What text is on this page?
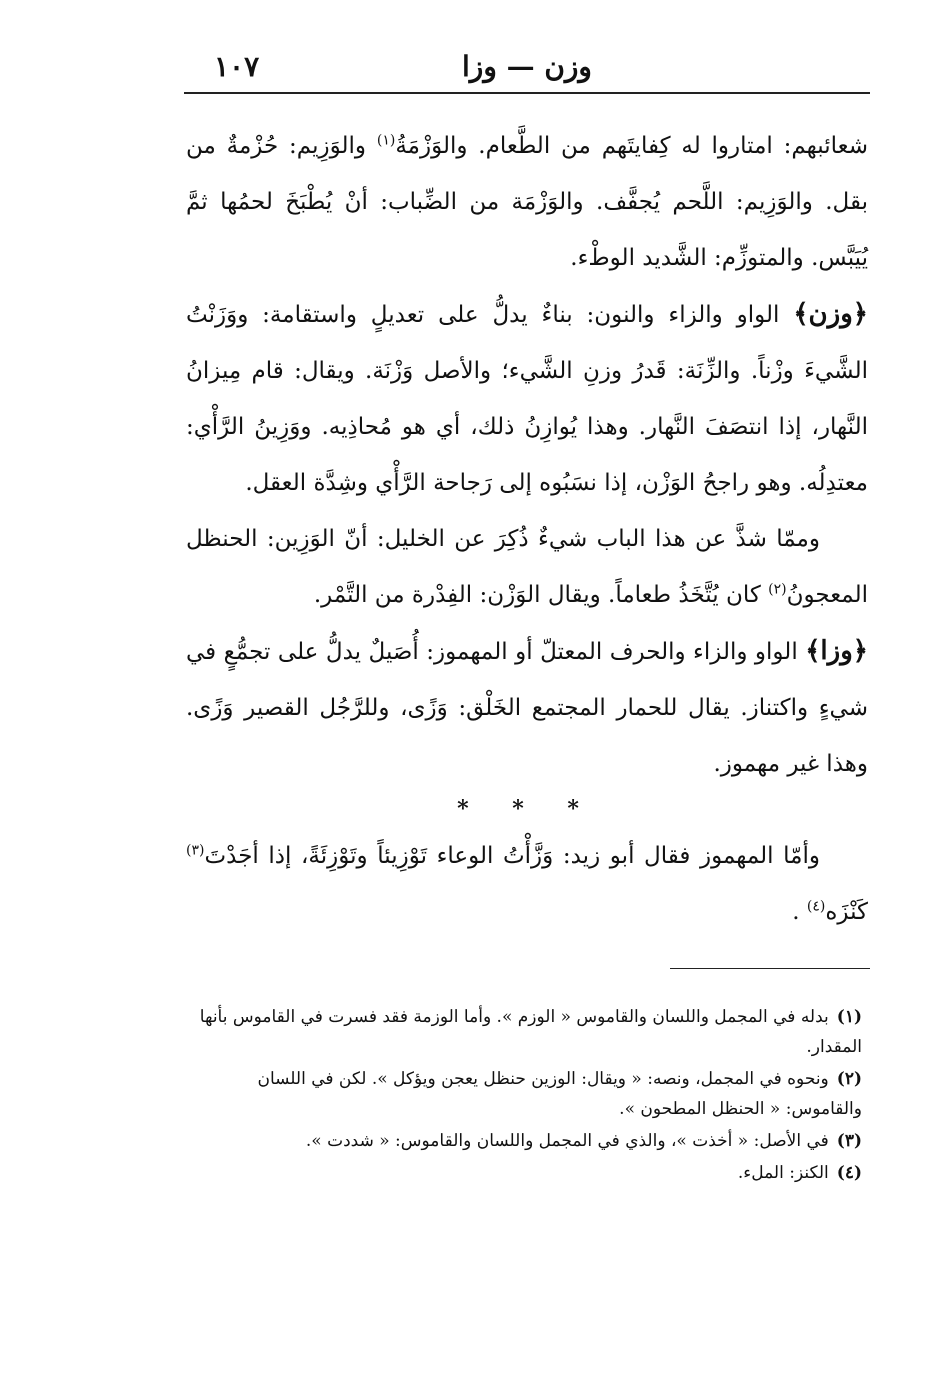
وزن — وزا
١٠٧

شعائبهم: امتاروا له كِفايتَهم من الطَّعام. والوَزْمَةُ$^{(١)}$ والوَزِيم: حُزْمةٌ من بقل. والوَزِيم: اللَّحم يُجفَّف. والوَزْمَة من الضِّباب: أنْ يُطْبَخَ لحمُها ثمَّ يُيَبَّس. والمتوزِّم: الشَّديد الوطْء.

﴿وزن﴾ الواو والزاء والنون: بناءٌ يدلُّ على تعديلٍ واستقامة: ووَزَنْتُ الشَّيءَ وزْناً. والزِّنَة: قَدرُ وزنِ الشَّيء؛ والأصل وَزْنَة. ويقال: قام مِيزانُ النَّهار، إذا انتصَفَ النَّهار. وهذا يُوازِنُ ذلك، أي هو مُحاذِيه. ووَزِينُ الرَّأْي: معتدِلُه. وهو راجحُ الوَزْن، إذا نسَبُوه إلى رَجاحة الرَّأْي وشِدَّة العقل.

وممّا شذَّ عن هذا الباب شيءٌ ذُكِرَ عن الخليل: أنّ الوَزِين: الحنظل المعجونُ$^{(٢)}$ كان يُتَّخَذُ طعاماً. ويقال الوَزْن: الفِدْرة من التَّمْر.

﴿وزا﴾ الواو والزاء والحرف المعتلّ أو المهموز: أُصَيلٌ يدلُّ على تجمُّعٍ في شيءٍ واكتناز. يقال للحمار المجتمع الخَلْق: وَزًى، وللرَّجُل القصير وَزًى. وهذا غير مهموز.

* * *

وأمّا المهموز فقال أبو زيد: وَزَّأْتُ الوعاء تَوْزِيئاً وتَوْزِئَةً، إذا أجَدْتَ$^{(٣)}$ كَنْزَه$^{(٤)}$ .

(١)بدله في المجمل واللسان والقاموس « الوزم ». وأما الوزمة فقد فسرت في القاموس بأنها المقدار.

(٢)ونحوه في المجمل، ونصه: « ويقال: الوزين حنظل يعجن ويؤكل ». لكن في اللسان والقاموس: « الحنظل المطحون ».

(٣)في الأصل: « أخذت »، والذي في المجمل واللسان والقاموس: « شددت ».

(٤)الكنز: الملء.
